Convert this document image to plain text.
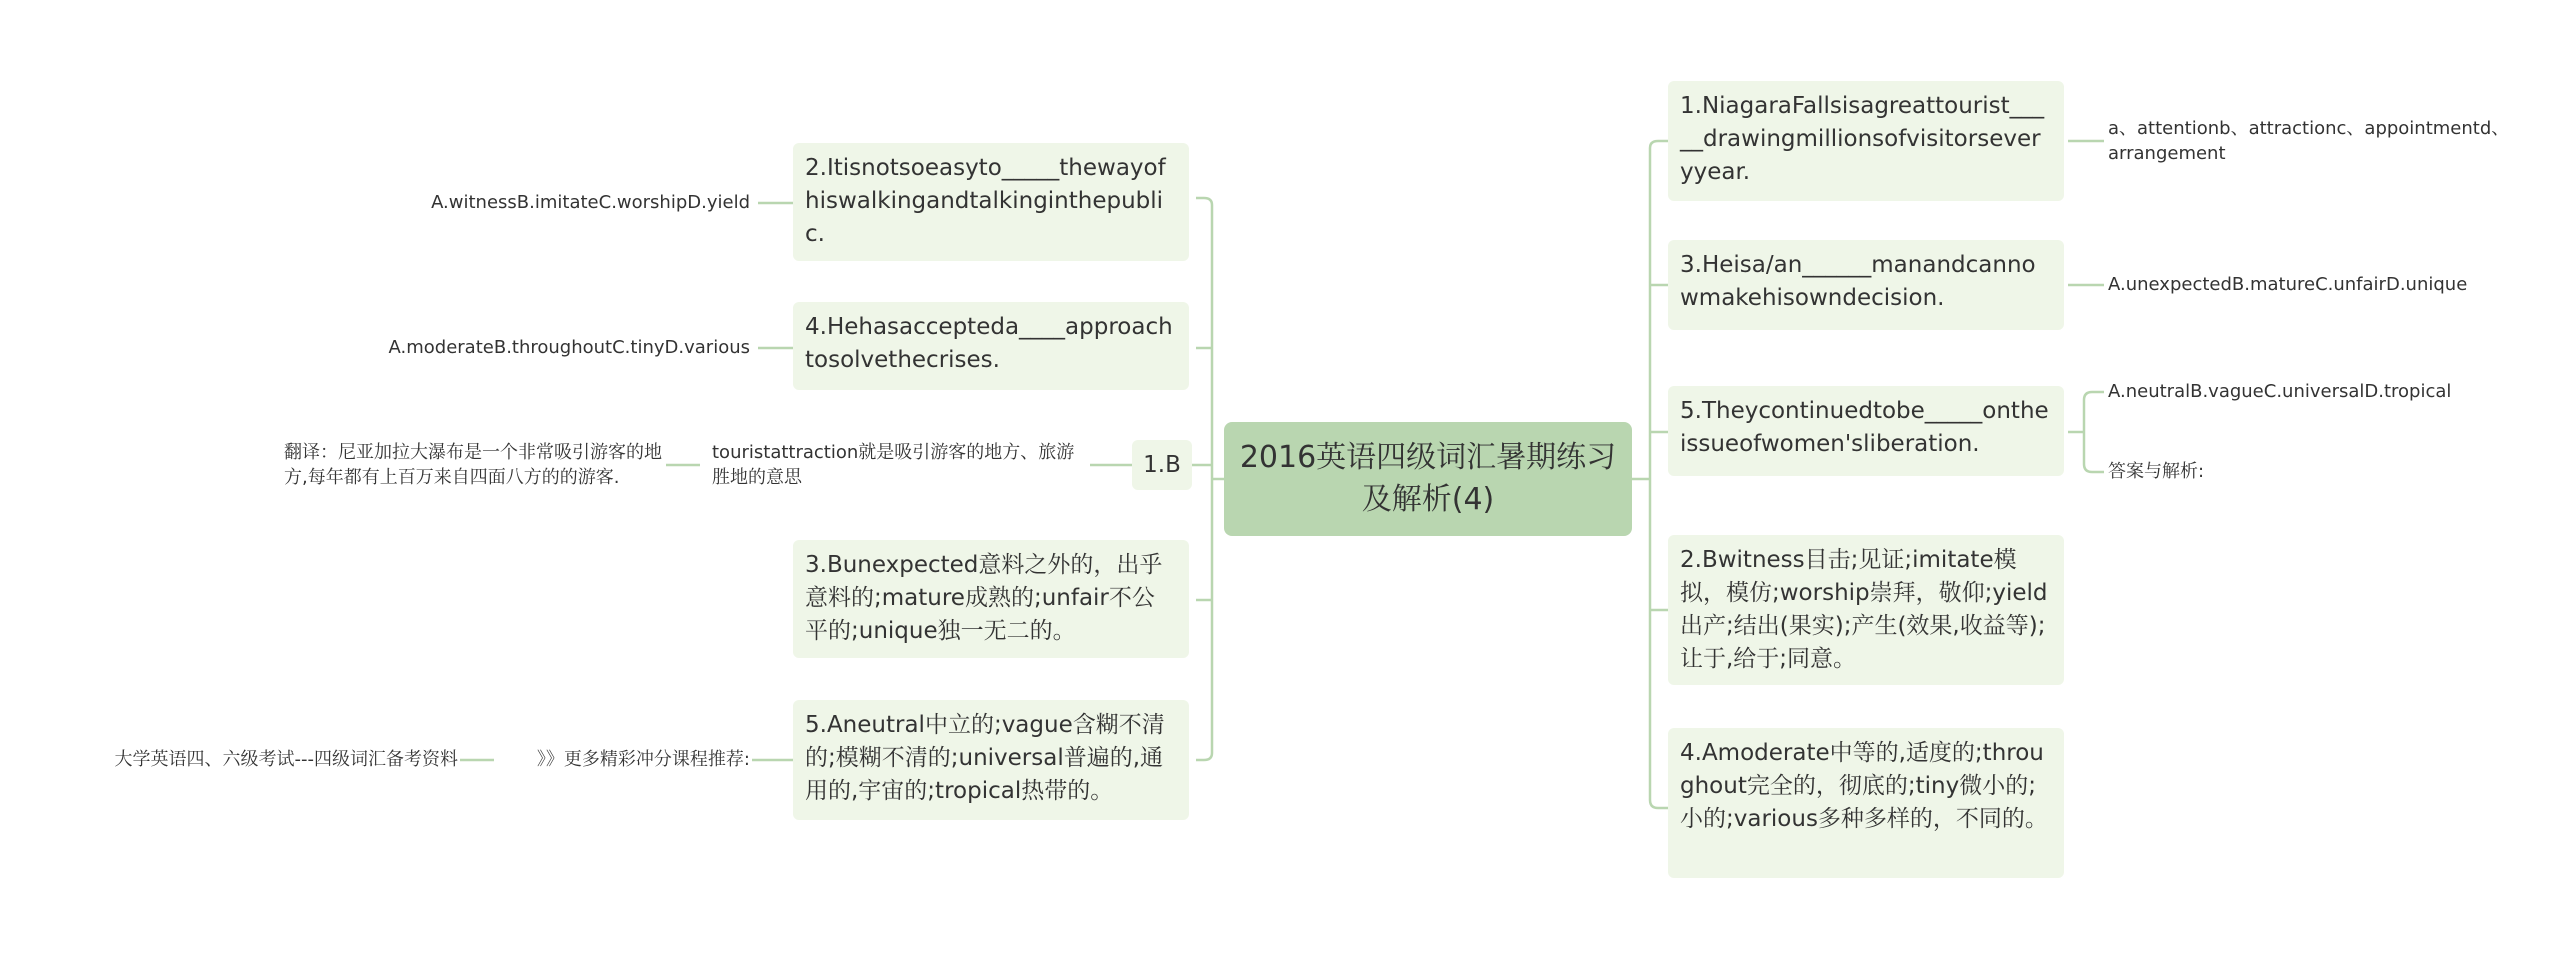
2016英语四级词汇暑期练习及解析(4)
2.Itisnotsoeasyto_____thewayofhiswalkingandtalkinginthepublic.
A.witnessB.imitateC.worshipD.yield
4.Hehasaccepteda____approachtosolvethecrises.
A.moderateB.throughoutC.tinyD.various
1.B
touristattraction就是吸引游客的地方、旅游胜地的意思
翻译：尼亚加拉大瀑布是一个非常吸引游客的地方,每年都有上百万来自四面八方的的游客.
3.Bunexpected意料之外的，出乎意料的;mature成熟的;unfair不公平的;unique独一无二的。
5.Aneutral中立的;vague含糊不清的;模糊不清的;universal普遍的,通用的,宇宙的;tropical热带的。
》》更多精彩冲分课程推荐:
大学英语四、六级考试---四级词汇备考资料
1.NiagaraFallsisagreattourist_____drawingmillionsofvisitorseveryyear.
a、attentionb、attractionc、appointmentd、arrangement
3.Heisa/an______manandcannowmakehisowndecision.
A.unexpectedB.matureC.unfairD.unique
5.Theycontinuedtobe_____ontheissueofwomen'sliberation.
A.neutralB.vagueC.universalD.tropical
答案与解析:
2.Bwitness目击;见证;imitate模拟，模仿;worship崇拜，敬仰;yield出产;结出(果实);产生(效果,收益等);让于,给于;同意。
4.Amoderate中等的,适度的;throughout完全的，彻底的;tiny微小的;小的;various多种多样的，不同的。
